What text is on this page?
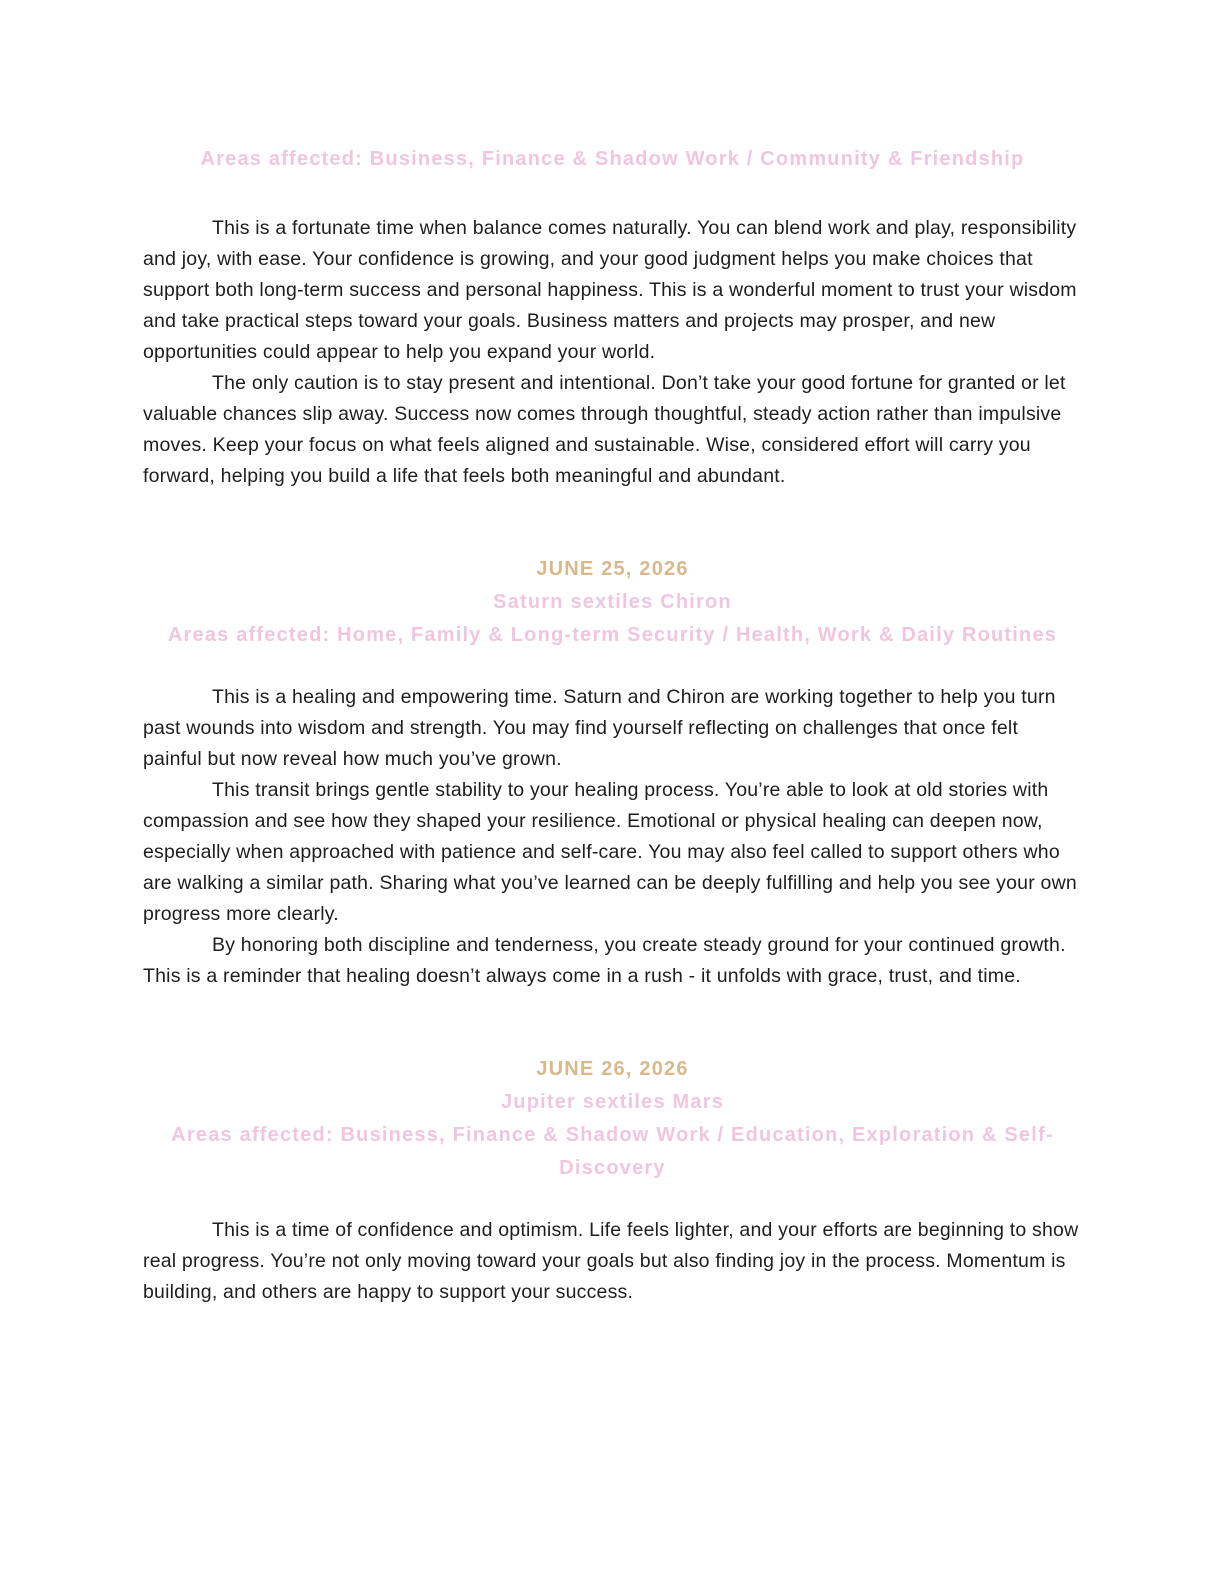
Areas affected: Business, Finance & Shadow Work / Community & Friendship

This is a fortunate time when balance comes naturally. You can blend work and play, responsibility and joy, with ease. Your confidence is growing, and your good judgment helps you make choices that support both long-term success and personal happiness. This is a wonderful moment to trust your wisdom and take practical steps toward your goals. Business matters and projects may prosper, and new opportunities could appear to help you expand your world.

The only caution is to stay present and intentional. Don’t take your good fortune for granted or let valuable chances slip away. Success now comes through thoughtful, steady action rather than impulsive moves. Keep your focus on what feels aligned and sustainable. Wise, considered effort will carry you forward, helping you build a life that feels both meaningful and abundant.

JUNE 25, 2026
Saturn sextiles Chiron
Areas affected: Home, Family & Long-term Security / Health, Work & Daily Routines

This is a healing and empowering time. Saturn and Chiron are working together to help you turn past wounds into wisdom and strength. You may find yourself reflecting on challenges that once felt painful but now reveal how much you’ve grown.

This transit brings gentle stability to your healing process. You’re able to look at old stories with compassion and see how they shaped your resilience. Emotional or physical healing can deepen now, especially when approached with patience and self-care. You may also feel called to support others who are walking a similar path. Sharing what you’ve learned can be deeply fulfilling and help you see your own progress more clearly.

By honoring both discipline and tenderness, you create steady ground for your continued growth. This is a reminder that healing doesn’t always come in a rush - it unfolds with grace, trust, and time.

JUNE 26, 2026
Jupiter sextiles Mars
Areas affected: Business, Finance & Shadow Work / Education, Exploration & Self-Discovery

This is a time of confidence and optimism. Life feels lighter, and your efforts are beginning to show real progress. You’re not only moving toward your goals but also finding joy in the process. Momentum is building, and others are happy to support your success.
